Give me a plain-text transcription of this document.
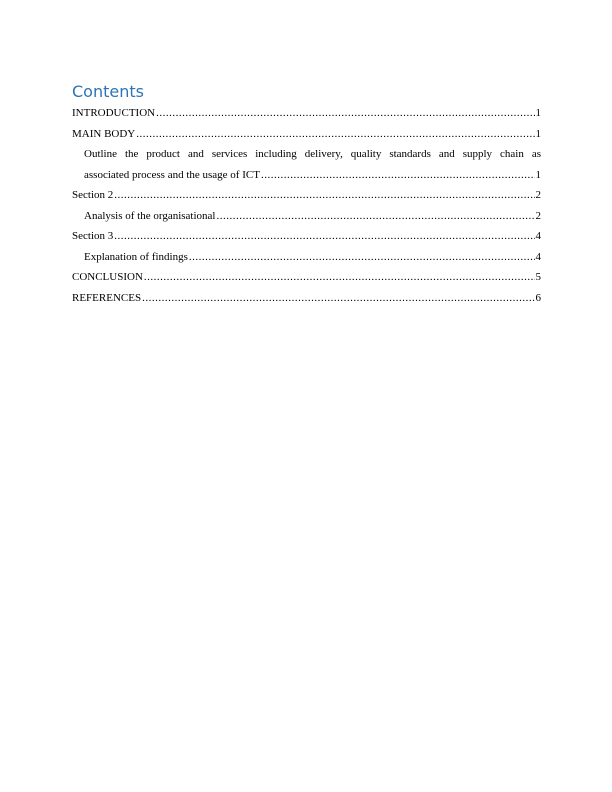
Contents
INTRODUCTION .....	1
MAIN BODY .....	1
Outline the product and services including delivery, quality standards and supply chain as
associated process and the usage of ICT .....	1
Section 2 .....	2
Analysis of the organisational .....	2
Section 3 .....	4
Explanation of findings .....	4
CONCLUSION .....	5
REFERENCES .....	6
